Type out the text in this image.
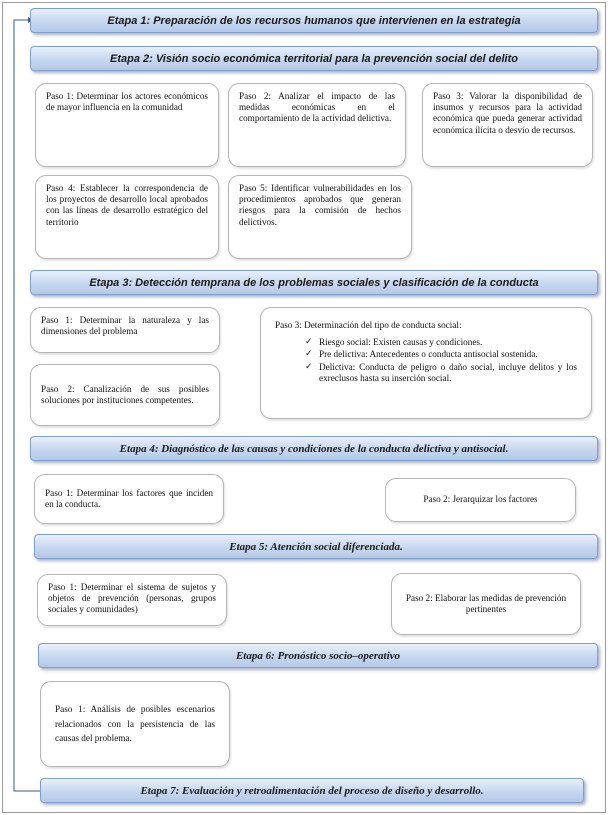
Etapa 1: Preparación de los recursos humanos que intervienen en la estrategia
Etapa 2: Visión socio económica territorial para la prevención social del delito
Paso 1: Determinar los actores económicos de mayor influencia en la comunidad
Paso 2: Analizar el impacto de las medidas económicas en el comportamiento de la actividad delictiva.
Paso 3: Valorar la disponibilidad de insumos y recursos para la actividad económica que pueda generar actividad económica ilícita o desvío de recursos.
Paso 4: Establecer la correspondencia de los proyectos de desarrollo local aprobados con las líneas de desarrollo estratégico del territorio
Paso 5: Identificar vulnerabilidades en los procedimientos aprobados que generan riesgos para la comisión de hechos delictivos.
Etapa 3: Detección temprana de los problemas sociales y clasificación de la conducta
Paso 1: Determinar la naturaleza y las dimensiones del problema
Paso 2: Canalización de sus posibles soluciones por instituciones competentes.
Paso 3: Determinación del tipo de conducta social:
✓ Riesgo social: Existen causas y condiciones.
✓ Pre delictiva: Antecedentes o conducta antisocial sostenida.
✓ Delictiva: Conducta de peligro o daño social, incluye delitos y los exreclusos hasta su inserción social.
Etapa 4: Diagnóstico de las causas y condiciones de la conducta delictiva y antisocial.
Paso 1: Determinar los factores que inciden en la conducta.	Paso 2: Jerarquizar los factores
Etapa 5: Atención social diferenciada.
Paso 1: Determinar el sistema de sujetos y objetos de prevención (personas, grupos sociales y comunidades)
Paso 2: Elaborar las medidas de prevención pertinentes
Etapa 6: Pronóstico socio–operativo
Paso 1: Análisis de posibles escenarios relacionados con la persistencia de las causas del problema.
Etapa 7: Evaluación y retroalimentación del proceso de diseño y desarrollo.
